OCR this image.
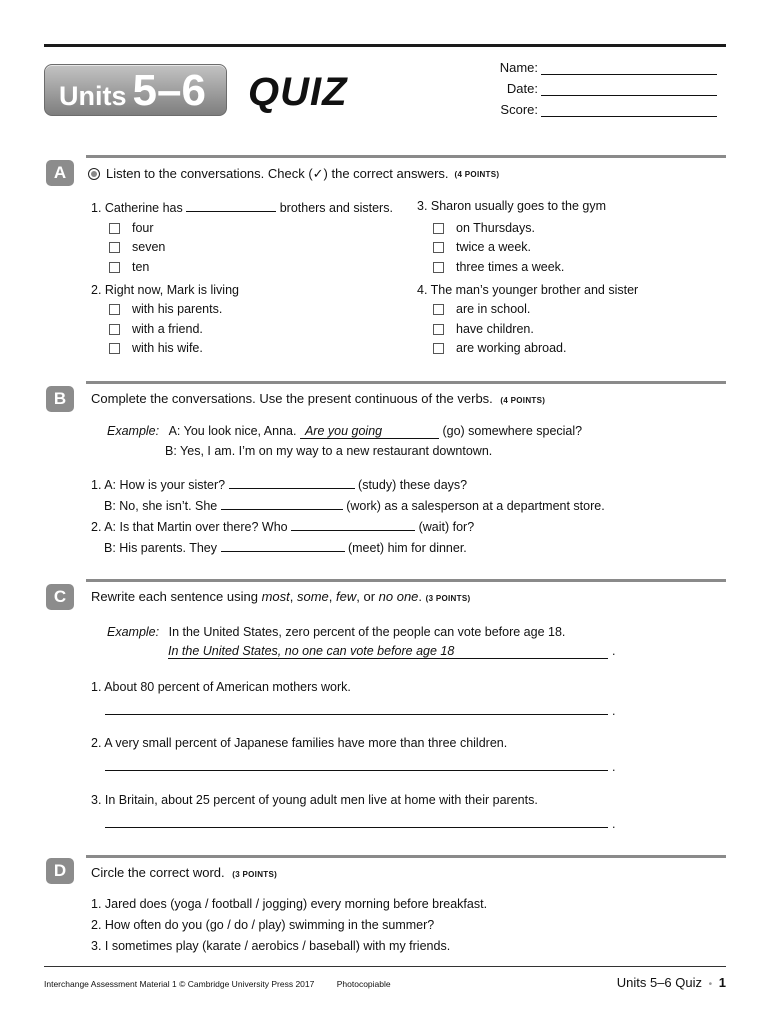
Units 5–6 QUIZ
Name:
Date:
Score:
A	Listen to the conversations. Check (✓) the correct answers. (4 POINTS)
1. Catherine has	brothers and sisters.
four
seven
ten
2. Right now, Mark is living
with his parents.
with a friend.
with his wife.
3. Sharon usually goes to the gym
on Thursdays.
twice a week.
three times a week.
4. The man’s younger brother and sister
are in school.
have children.
are working abroad.
B	Complete the conversations. Use the present continuous of the verbs. (4 POINTS)
Example: A: You look nice, Anna. Are you going	(go) somewhere special?
B: Yes, I am. I’m on my way to a new restaurant downtown.
1. A: How is your sister?	(study) these days?
B: No, she isn’t. She	(work) as a salesperson at a department store.
2. A: Is that Martin over there? Who	(wait) for?
B: His parents. They	(meet) him for dinner.
C	Rewrite each sentence using most, some, few, or no one. (3 POINTS)
Example: In the United States, zero percent of the people can vote before age 18.
In the United States, no one can vote before age 18	.
1. About 80 percent of American mothers work.
.
2. A very small percent of Japanese families have more than three children.
.
3. In Britain, about 25 percent of young adult men live at home with their parents.
.
D	Circle the correct word. (3 POINTS)
1. Jared does (yoga / football / jogging) every morning before breakfast.
2. How often do you (go / do / play) swimming in the summer?
3. I sometimes play (karate / aerobics / baseball) with my friends.
Interchange Assessment Material 1 © Cambridge University Press 2017	Photocopiable	Units 5–6 Quiz • 1
